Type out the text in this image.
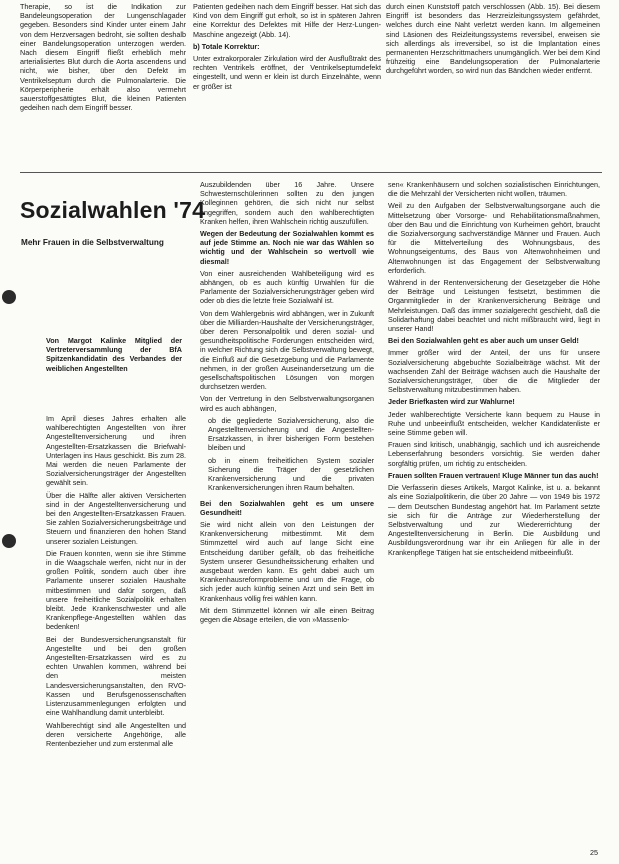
Therapie, so ist die Indikation zur Bandeleungsoperation der Lungenschlagader gegeben. Besonders sind Kinder unter einem Jahr von dem Herzversagen bedroht, sie sollten deshalb einer Bandelungsoperation unterzogen werden. Nach diesem Eingriff fließt erheblich mehr arterialisiertes Blut durch die Aorta ascendens und nicht, wie bisher, über den Defekt im Ventrikelseptum durch die Pulmonalarterie. Die Körperperipherie erhält also vermehrt sauerstoffgesättigtes Blut, die kleinen Patienten gedeihen nach dem Eingriff besser.

Patienten gedeihen nach dem Eingriff besser. Hat sich das Kind von dem Eingriff gut erholt, so ist in späteren Jahren eine Korrektur des Defektes mit Hilfe der Herz-Lungen-Maschine angezeigt (Abb. 14).

b) Totale Korrektur:

Unter extrakorporaler Zirkulation wird der Ausflußtrakt des rechten Ventrikels eröffnet, der Ventrikelseptumdefekt eingestellt, und wenn er klein ist durch Einzelnähte, wenn er größer ist

durch einen Kunststoff patch verschlossen (Abb. 15). Bei diesem Eingriff ist besonders das Herzreizleitungssystem gefährdet, welches durch eine Naht verletzt werden kann. Im allgemeinen sind Läsionen des Reizleitungssystems reversibel, erweisen sie sich allerdings als irreversibel, so ist die Implantation eines permanenten Herzschrittmachers unumgänglich. Wer bei dem Kind frühzeitig eine Bandelungsoperation der Pulmonalarterie durchgeführt worden, so wird nun das Bändchen wieder entfernt.

Sozialwahlen '74
Mehr Frauen in die Selbstverwaltung
Von Margot Kalinke Mitglied der Vertreterversammlung der BfA Spitzenkandidatin des Verbandes der weiblichen Angestellten

Im April dieses Jahres erhalten alle wahlberechtigten Angestellten von ihrer Angestelltenversicherung und ihren Angestellten-Ersatzkassen die Briefwahl-Unterlagen ins Haus geschickt. Bis zum 28. Mai werden die neuen Parlamente der Sozialversicherungsträger der Angestellten gewählt sein.

Über die Hälfte aller aktiven Versicherten sind in der Angestelltenversicherung und bei den Angestellten-Ersatzkassen Frauen. Sie zahlen Sozialversicherungsbeiträge und Steuern und finanzieren den hohen Stand unserer sozialen Leistungen.

Die Frauen konnten, wenn sie ihre Stimme in die Waagschale werfen, nicht nur in der großen Politik, sondern auch über ihre Parlamente unserer sozialen Haushalte mitbestimmen und dafür sorgen, daß unsere freiheitliche Sozialpolitik erhalten bleibt. Jede Krankenschwester und alle Krankenpflege-Angestellten wählen das bedenken!

Bei der Bundesversicherungsanstalt für Angestellte und bei den großen Angestellten-Ersatzkassen wird es zu echten Urwahlen kommen, während bei den meisten Landesversicherungsanstalten, den RVO-Kassen und Berufsgenossenschaften Listenzusammenlegungen erfolgten und eine Wahlhandlung damit unterbleibt.

Wahlberechtigt sind alle Angestellten und deren versicherte Angehörige, alle Rentenbezieher und zum erstenmal alle

Auszubildenden über 16 Jahre. Unsere Schwesternschülerinnen sollten zu den jungen Kolleginnen gehören, die sich nicht nur selbst angegriffen, sondern auch den wahlberechtigten Kranken helfen, ihren Wahlschein richtig auszufüllen.

Wegen der Bedeutung der Sozialwahlen kommt es auf jede Stimme an. Noch nie war das Wählen so wichtig und der Wahlschein so wertvoll wie diesmal!

Von einer ausreichenden Wahlbeteiligung wird es abhängen, ob es auch künftig Urwahlen für die Parlamente der Sozialversicherungsträger geben wird oder ob dies die letzte freie Sozialwahl ist.

Von dem Wahlergebnis wird abhängen, wer in Zukunft über die Milliarden-Haushalte der Versicherungsträger, über deren Personalpolitik und deren sozial- und gesundheitspolitische Forderungen entscheiden wird, in welcher Richtung sich die Selbstverwaltung bewegt, die Einfluß auf die Gesetzgebung und die Parlamente nehmen, in der großen Auseinandersetzung um die gesellschaftspolitischen Lösungen von morgen durchsetzen werden.

Von der Vertretung in den Selbstverwaltungsorganen wird es auch abhängen,

ob die gegliederte Sozialversicherung, also die Angestelltenversicherung und die Angestellten-Ersatzkassen, in ihrer bisherigen Form bestehen bleiben und

ob in einem freiheitlichen System sozialer Sicherung die Träger der gesetzlichen Krankenversicherung und die privaten Krankenversicherungen ihren Raum behalten.

Bei den Sozialwahlen geht es um unsere Gesundheit!

Sie wird nicht allein von den Leistungen der Krankenversicherung mitbestimmt. Mit dem Stimmzettel wird auch auf lange Sicht eine Entscheidung darüber gefällt, ob das freiheitliche System unserer Gesundheitssicherung erhalten und ausgebaut werden kann. Es geht dabei auch um Krankenhausreformprobleme und um die Frage, ob sich jeder auch künftig seinen Arzt und sein Bett im Krankenhaus völlig frei wählen kann.

Mit dem Stimmzettel können wir alle einen Beitrag gegen die Absage erteilen, die von »Massenlo-

sen« Krankenhäusern und solchen sozialistischen Einrichtungen, die die Mehrzahl der Versicherten nicht wollen, träumen.

Weil zu den Aufgaben der Selbstverwaltungsorgane auch die Mittelsetzung über Vorsorge- und Rehabilitationsmaßnahmen, über den Bau und die Einrichtung von Kurheimen gehört, braucht die Sozialversorgung sachverständige Männer und Frauen. Auch für die Mittelverteilung des Wohnungsbaus, des Wohnungseigentums, des Baus von Altenwohnheimen und Altenwohnungen ist das Engagement der Selbstverwaltung erforderlich.

Während in der Rentenversicherung der Gesetzgeber die Höhe der Beiträge und Leistungen festsetzt, bestimmen die Organmitglieder in der Krankenversicherung Beiträge und Mehrleistungen. Daß das immer sozialgerecht geschieht, daß die Solidarhaftung dabei beachtet und nicht mißbraucht wird, liegt in unserer Hand!

Bei den Sozialwahlen geht es aber auch um unser Geld!

Immer größer wird der Anteil, der uns für unsere Sozialversicherung abgebuchte Sozialbeiträge wächst. Mit der wachsenden Zahl der Beiträge wächsen auch die Haushalte der Sozialversicherungsträger, über die die Mitglieder der Selbstverwaltung mitzubestimmen haben.

Jeder Briefkasten wird zur Wahlurne!

Jeder wahlberechtigte Versicherte kann bequem zu Hause in Ruhe und unbeeinflußt entscheiden, welcher Kandidatenliste er seine Stimme geben will.

Frauen sind kritisch, unabhängig, sachlich und ich ausreichende Lebenserfahrung besonders vorsichtig. Sie werden daher sorgfältig prüfen, um richtig zu entscheiden.

Frauen sollten Frauen vertrauen! Kluge Männer tun das auch!

Die Verfasserin dieses Artikels, Margot Kalinke, ist u. a. bekannt als eine Sozialpolitikerin, die über 20 Jahre — von 1949 bis 1972 — dem Deutschen Bundestag angehört hat. Im Parlament setzte sie sich für die Anträge zur Wiederherstellung der Selbstverwaltung und zur Wiedererrichtung der Angestelltenversicherung in Berlin. Die Ausbildung und Ausbildungsverordnung war ihr ein Anliegen für alle in der Krankenpflege Tätigen hat sie entscheidend mitbeeinflußt.

25
